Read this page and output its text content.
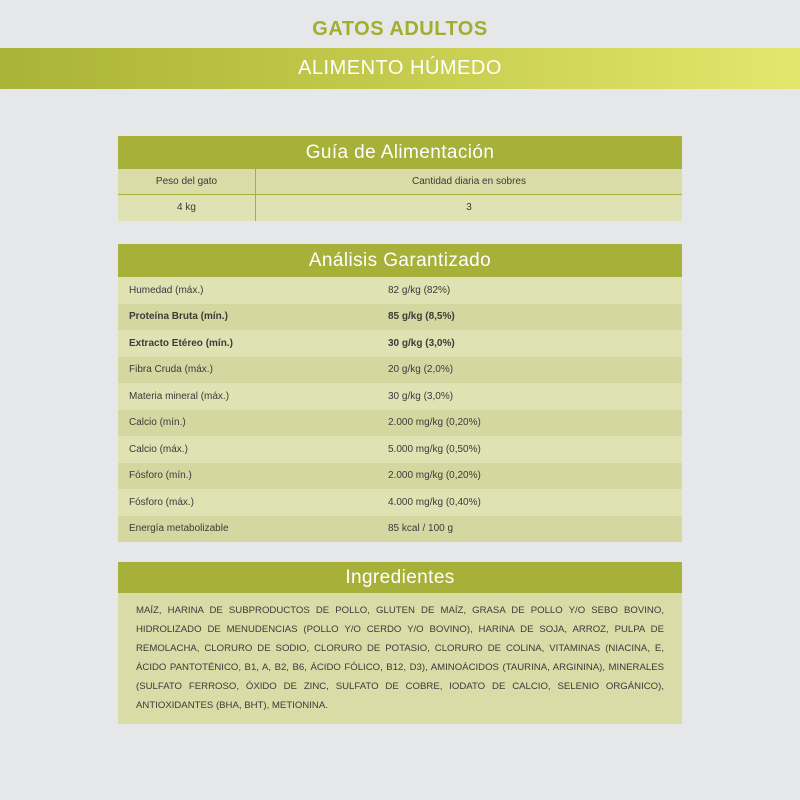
GATOS ADULTOS
ALIMENTO HÚMEDO
Guía de Alimentación
Peso del gato	Cantidad diaria en sobres
4 kg	3
Análisis Garantizado
Humedad (máx.)	82 g/kg (82%)
Proteína Bruta (mín.)	85 g/kg (8,5%)
Extracto Etéreo (mín.)	30 g/kg (3,0%)
Fibra Cruda (máx.)	20 g/kg (2,0%)
Materia mineral (máx.)	30 g/kg (3,0%)
Calcio (mín.)	2.000 mg/kg (0,20%)
Calcio (máx.)	5.000 mg/kg (0,50%)
Fósforo (mín.)	2.000 mg/kg (0,20%)
Fósforo (máx.)	4.000 mg/kg (0,40%)
Energía metabolizable	85 kcal / 100 g
Ingredientes
MAÍZ, HARINA DE SUBPRODUCTOS DE POLLO, GLUTEN DE MAÍZ, GRASA DE POLLO Y/O SEBO BOVINO, HIDROLIZADO DE MENUDENCIAS (POLLO Y/O CERDO Y/O BOVINO), HARINA DE SOJA, ARROZ, PULPA DE REMOLACHA, CLORURO DE SODIO, CLORURO DE POTASIO, CLORURO DE COLINA, VITAMINAS (NIACINA, E, ÁCIDO PANTOTÉNICO, B1, A, B2, B6, ÁCIDO FÓLICO, B12, D3), AMINOÁCIDOS (TAURINA, ARGININA), MINERALES (SULFATO FERROSO, ÓXIDO DE ZINC, SULFATO DE COBRE, IODATO DE CALCIO, SELENIO ORGÁNICO), ANTIOXIDANTES (BHA, BHT), METIONINA.
